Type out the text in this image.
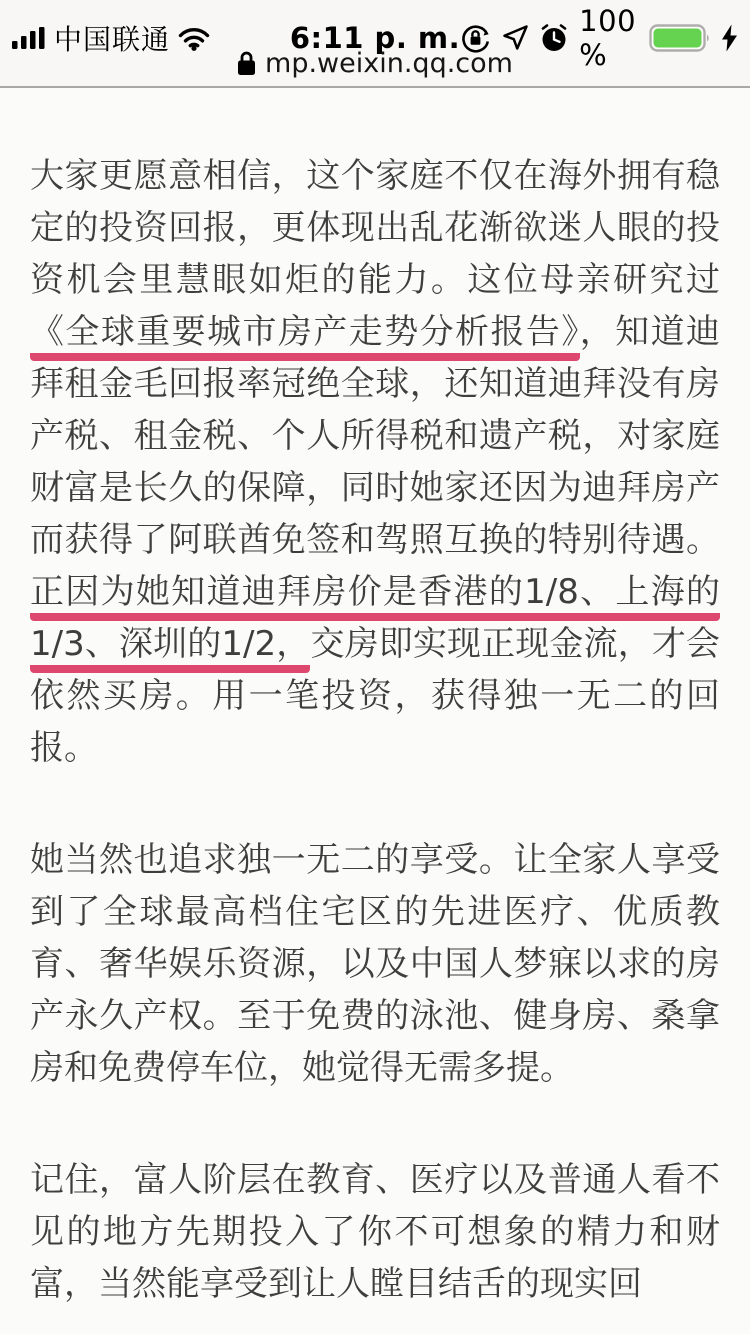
中国联通	6:11 p. m.	100 %
mp.weixin.qq.com

大家更愿意相信，这个家庭不仅在海外拥有稳定的投资回报，更体现出乱花渐欲迷人眼的投资机会里慧眼如炬的能力。这位母亲研究过《全球重要城市房产走势分析报告》，知道迪拜租金毛回报率冠绝全球，还知道迪拜没有房产税、租金税、个人所得税和遗产税，对家庭财富是长久的保障，同时她家还因为迪拜房产而获得了阿联酋免签和驾照互换的特别待遇。正因为她知道迪拜房价是香港的1/8、上海的1/3、深圳的1/2，交房即实现正现金流，才会依然买房。用一笔投资，获得独一无二的回报。

她当然也追求独一无二的享受。让全家人享受到了全球最高档住宅区的先进医疗、优质教育、奢华娱乐资源，以及中国人梦寐以求的房产永久产权。至于免费的泳池、健身房、桑拿房和免费停车位，她觉得无需多提。

记住，富人阶层在教育、医疗以及普通人看不见的地方先期投入了你不可想象的精力和财富，当然能享受到让人瞠目结舌的现实回
